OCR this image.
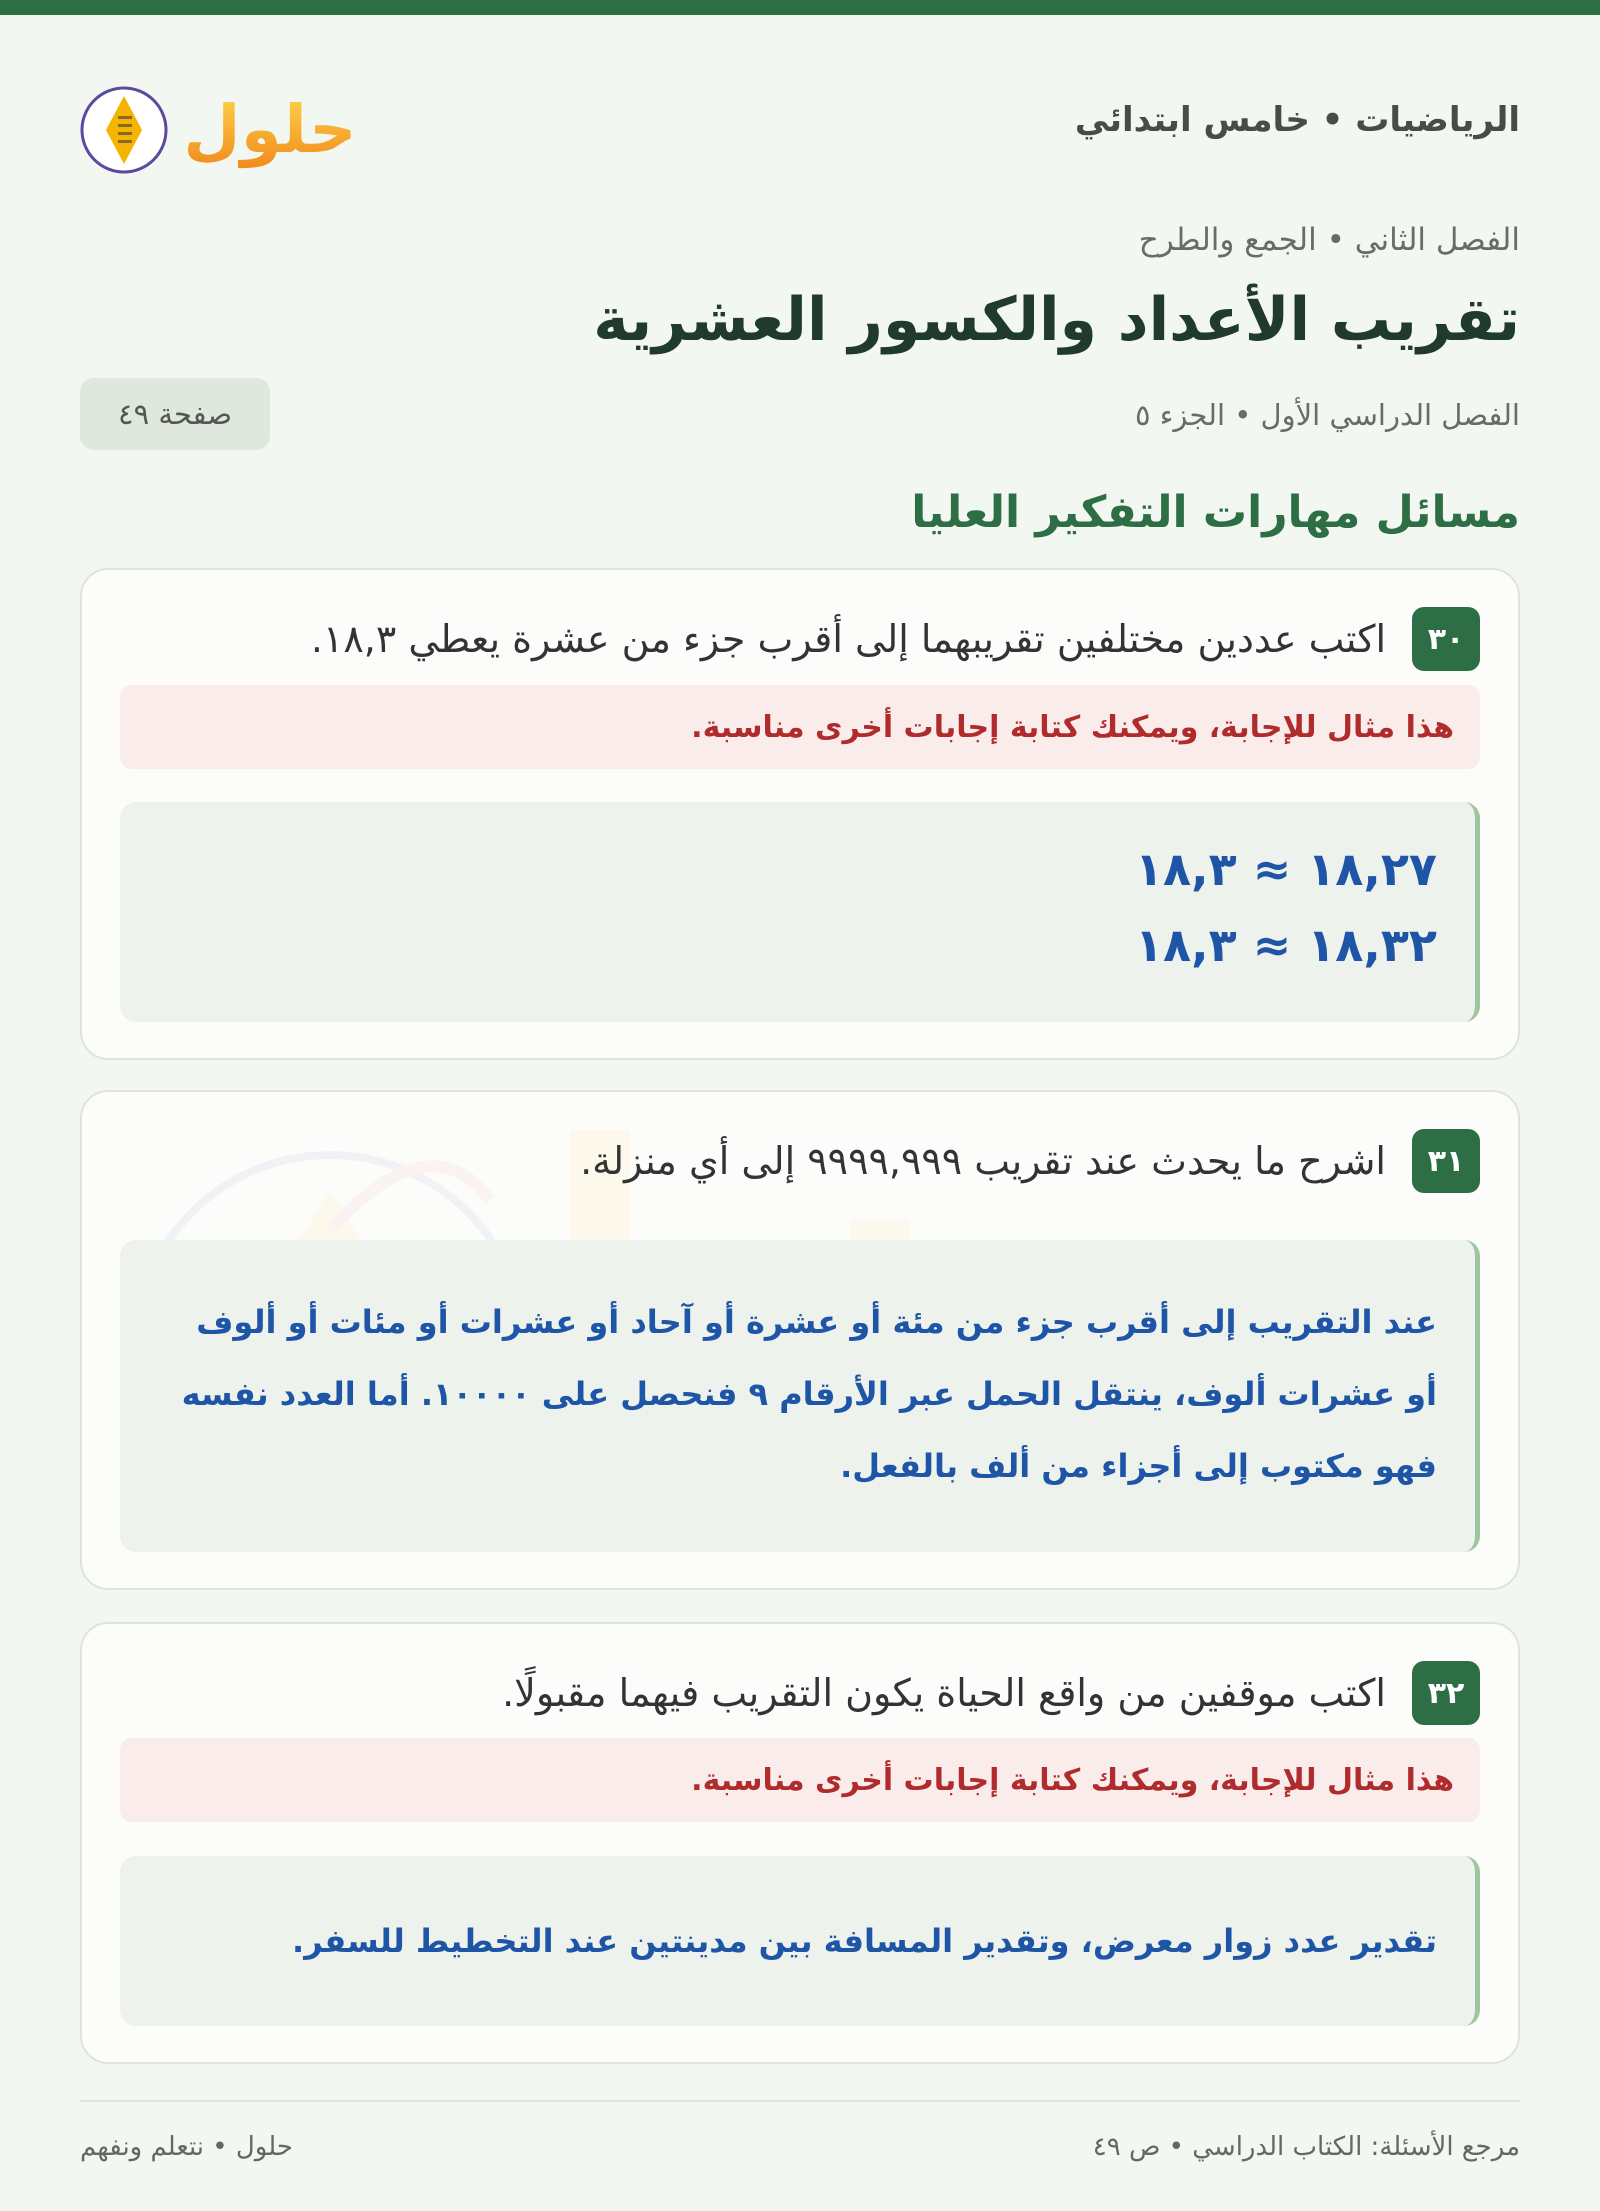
الرياضيات • خامس ابتدائي
حلول
الفصل الثاني • الجمع والطرح
تقريب الأعداد والكسور العشرية
الفصل الدراسي الأول • الجزء ٥
صفحة ٤٩
مسائل مهارات التفكير العليا
٣٠
اكتب عددين مختلفين تقريبهما إلى أقرب جزء من عشرة يعطي ١٨,٣.
هذا مثال للإجابة، ويمكنك كتابة إجابات أخرى مناسبة.
١٨,٢٧ ≈ ١٨,٣
١٨,٣٢ ≈ ١٨,٣
٣١
اشرح ما يحدث عند تقريب ٩٩٩٩,٩٩٩ إلى أي منزلة.
عند التقريب إلى أقرب جزء من مئة أو عشرة أو آحاد أو عشرات أو مئات أو ألوف أو عشرات ألوف، ينتقل الحمل عبر الأرقام ٩ فنحصل على ١٠٠٠٠. أما العدد نفسه فهو مكتوب إلى أجزاء من ألف بالفعل.
٣٢
اكتب موقفين من واقع الحياة يكون التقريب فيهما مقبولًا.
هذا مثال للإجابة، ويمكنك كتابة إجابات أخرى مناسبة.
تقدير عدد زوار معرض، وتقدير المسافة بين مدينتين عند التخطيط للسفر.
مرجع الأسئلة: الكتاب الدراسي • ص ٤٩
حلول • نتعلم ونفهم
